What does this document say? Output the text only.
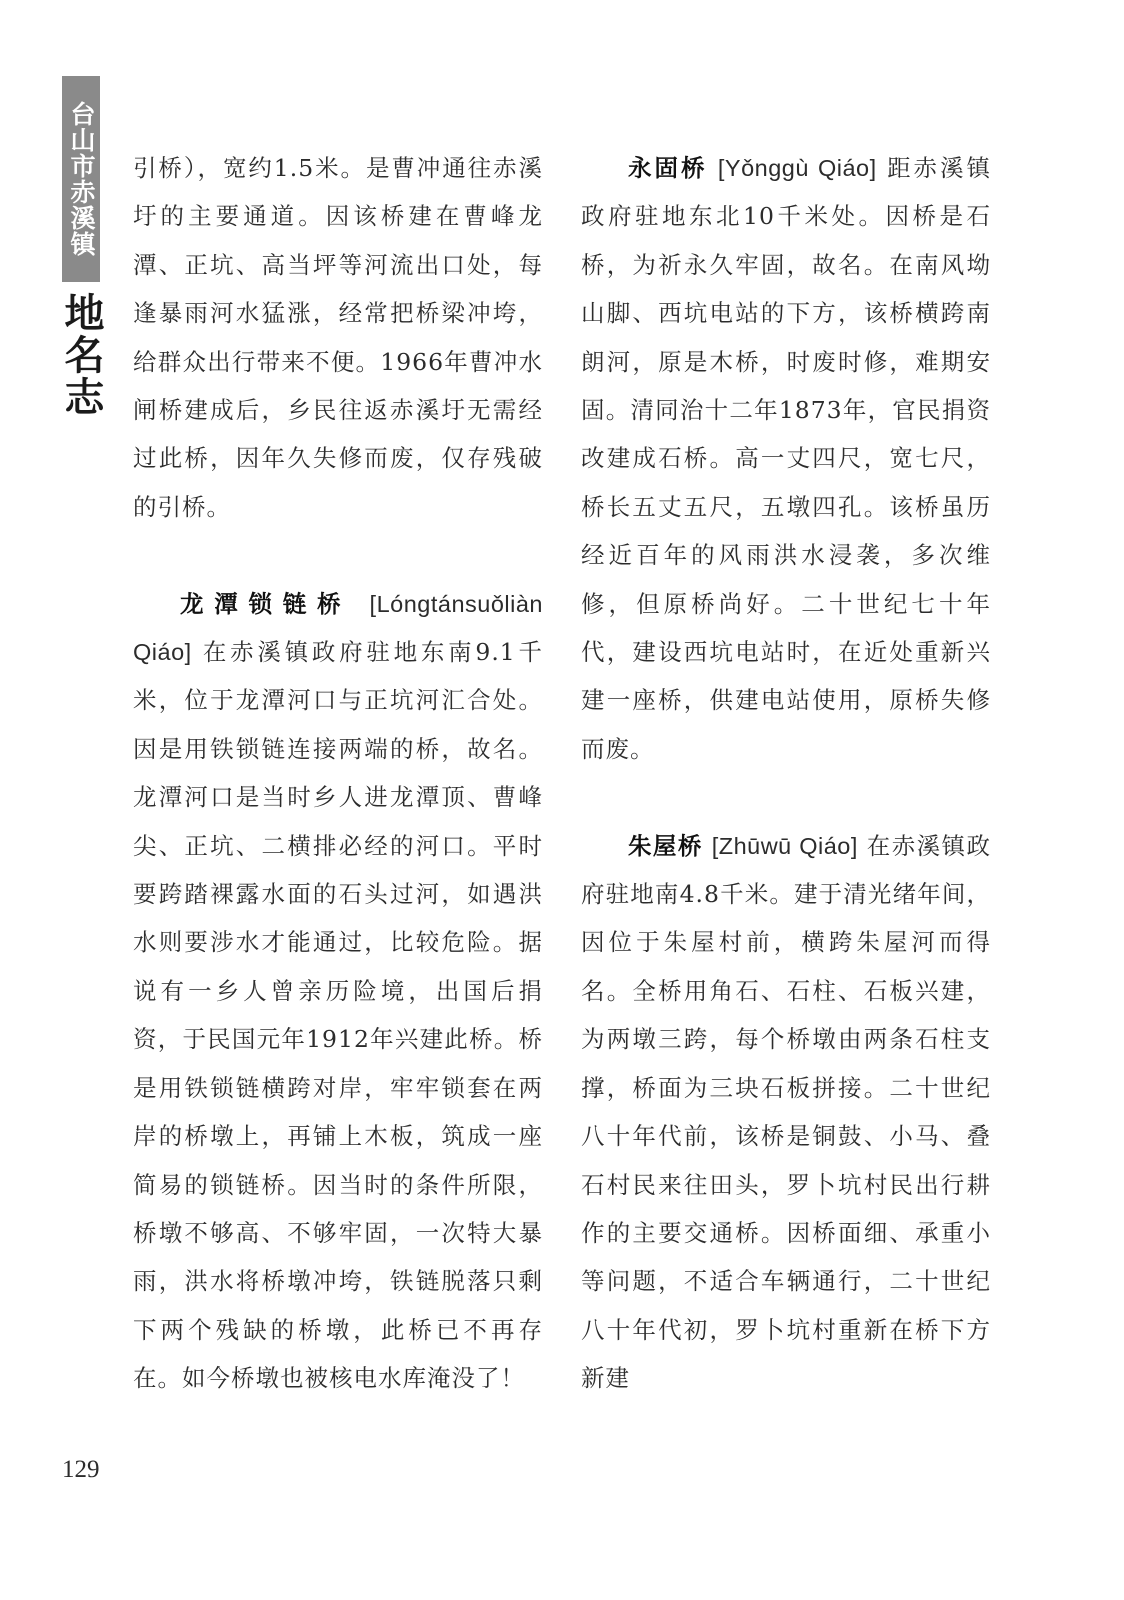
台山市赤溪镇
地名志

引桥），宽约1.5米。是曹冲通往赤溪圩的主要通道。因该桥建在曹峰龙潭、正坑、高当坪等河流出口处，每逢暴雨河水猛涨，经常把桥梁冲垮，给群众出行带来不便。1966年曹冲水闸桥建成后，乡民往返赤溪圩无需经过此桥，因年久失修而废，仅存残破的引桥。

龙潭锁链桥 [Lóngtánsuǒliàn Qiáo] 在赤溪镇政府驻地东南9.1千米，位于龙潭河口与正坑河汇合处。因是用铁锁链连接两端的桥，故名。龙潭河口是当时乡人进龙潭顶、曹峰尖、正坑、二横排必经的河口。平时要跨踏裸露水面的石头过河，如遇洪水则要涉水才能通过，比较危险。据说有一乡人曾亲历险境，出国后捐资，于民国元年1912年兴建此桥。桥是用铁锁链横跨对岸，牢牢锁套在两岸的桥墩上，再铺上木板，筑成一座简易的锁链桥。因当时的条件所限，桥墩不够高、不够牢固，一次特大暴雨，洪水将桥墩冲垮，铁链脱落只剩下两个残缺的桥墩，此桥已不再存在。如今桥墩也被核电水库淹没了！

永固桥 [Yǒnggù Qiáo] 距赤溪镇政府驻地东北10千米处。因桥是石桥，为祈永久牢固，故名。在南风坳山脚、西坑电站的下方，该桥横跨南朗河，原是木桥，时废时修，难期安固。清同治十二年1873年，官民捐资改建成石桥。高一丈四尺，宽七尺，桥长五丈五尺，五墩四孔。该桥虽历经近百年的风雨洪水浸袭，多次维修，但原桥尚好。二十世纪七十年代，建设西坑电站时，在近处重新兴建一座桥，供建电站使用，原桥失修而废。

朱屋桥 [Zhūwū Qiáo] 在赤溪镇政府驻地南4.8千米。建于清光绪年间，因位于朱屋村前，横跨朱屋河而得名。全桥用角石、石柱、石板兴建，为两墩三跨，每个桥墩由两条石柱支撑，桥面为三块石板拼接。二十世纪八十年代前，该桥是铜鼓、小马、叠石村民来往田头，罗卜坑村民出行耕作的主要交通桥。因桥面细、承重小等问题，不适合车辆通行，二十世纪八十年代初，罗卜坑村重新在桥下方新建

129
